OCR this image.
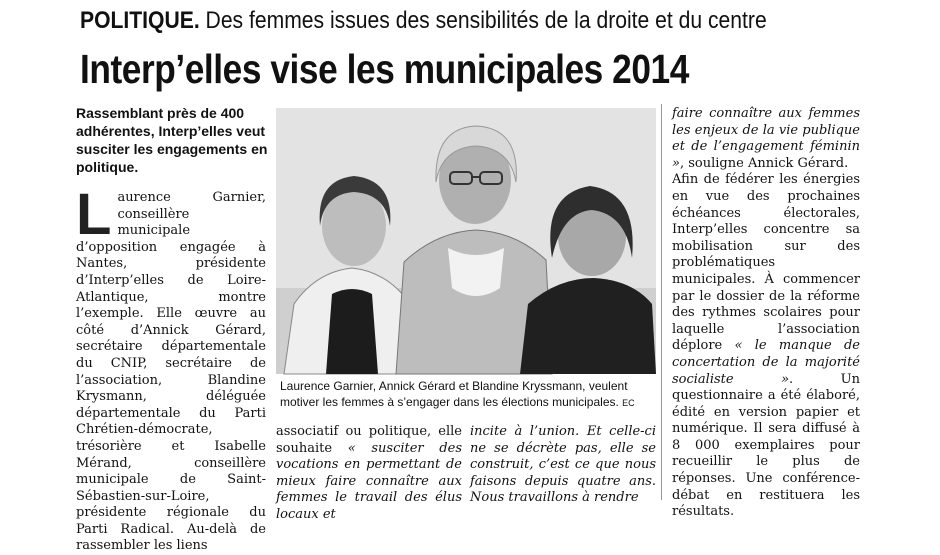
POLITIQUE. Des femmes issues des sensibilités de la droite et du centre
Interp’elles vise les municipales 2014

Rassemblant près de 400 adhérentes, Interp’elles veut susciter les engagements en politique.

Laurence Garnier, conseillère municipale d’opposition engagée à Nantes, présidente d’Interp’elles de Loire-Atlantique, montre l’exemple. Elle œuvre au côté d’Annick Gérard, secrétaire départementale du CNIP, secrétaire de l’association, Blandine Krysmann, déléguée départementale du Parti Chrétien-démocrate, trésorière et Isabelle Mérand, conseillère municipale de Saint-Sébastien-sur-Loire, présidente régionale du Parti Radical. Au-delà de rassembler les liens

Laurence Garnier, Annick Gérard et Blandine Kryssmann, veulent motiver les femmes à s’engager dans les élections municipales. EC

associatif ou politique, elle souhaite « susciter des vocations en permettant de mieux faire connaître aux femmes le travail des élus locaux et
incite à l’union. Et celle-ci ne se décrète pas, elle se construit, c’est ce que nous faisons depuis quatre ans. Nous travaillons à rendre

faire connaître aux femmes les enjeux de la vie publique et de l’engagement féminin », souligne Annick Gérard.

Afin de fédérer les énergies en vue des prochaines échéances électorales, Interp’elles concentre sa mobilisation sur des problématiques municipales. À commencer par le dossier de la réforme des rythmes scolaires pour laquelle l’association déplore « le manque de concertation de la majorité socialiste ». Un questionnaire a été élaboré, édité en version papier et numérique. Il sera diffusé à 8 000 exemplaires pour recueillir le plus de réponses. Une conférence-débat en restituera les résultats.
